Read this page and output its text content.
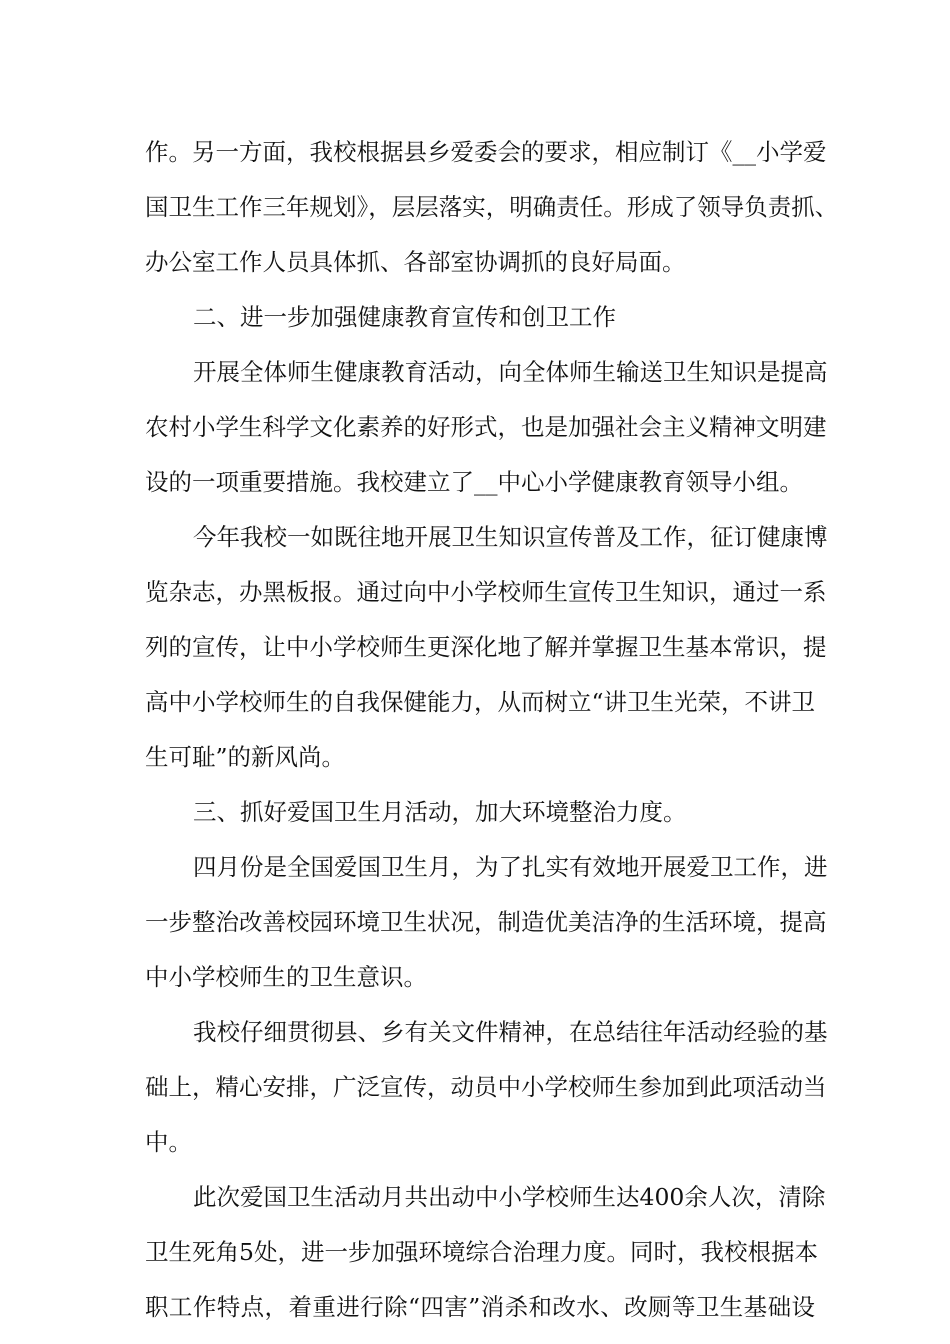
作。另一方面，我校根据县乡爱委会的要求，相应制订《__小学爱
国卫生工作三年规划》，层层落实，明确责任。形成了领导负责抓、
办公室工作人员具体抓、各部室协调抓的良好局面。
二、进一步加强健康教育宣传和创卫工作
开展全体师生健康教育活动，向全体师生输送卫生知识是提高
农村小学生科学文化素养的好形式，也是加强社会主义精神文明建
设的一项重要措施。我校建立了__中心小学健康教育领导小组。
今年我校一如既往地开展卫生知识宣传普及工作，征订健康博
览杂志，办黑板报。通过向中小学校师生宣传卫生知识，通过一系
列的宣传，让中小学校师生更深化地了解并掌握卫生基本常识，提
高中小学校师生的自我保健能力，从而树立“讲卫生光荣，不讲卫
生可耻”的新风尚。
三、抓好爱国卫生月活动，加大环境整治力度。
四月份是全国爱国卫生月，为了扎实有效地开展爱卫工作，进
一步整治改善校园环境卫生状况，制造优美洁净的生活环境，提高
中小学校师生的卫生意识。
我校仔细贯彻县、乡有关文件精神，在总结往年活动经验的基
础上，精心安排，广泛宣传，动员中小学校师生参加到此项活动当
中。
此次爱国卫生活动月共出动中小学校师生达400余人次，清除
卫生死角5处，进一步加强环境综合治理力度。同时，我校根据本
职工作特点，着重进行除“四害”消杀和改水、改厕等卫生基础设
